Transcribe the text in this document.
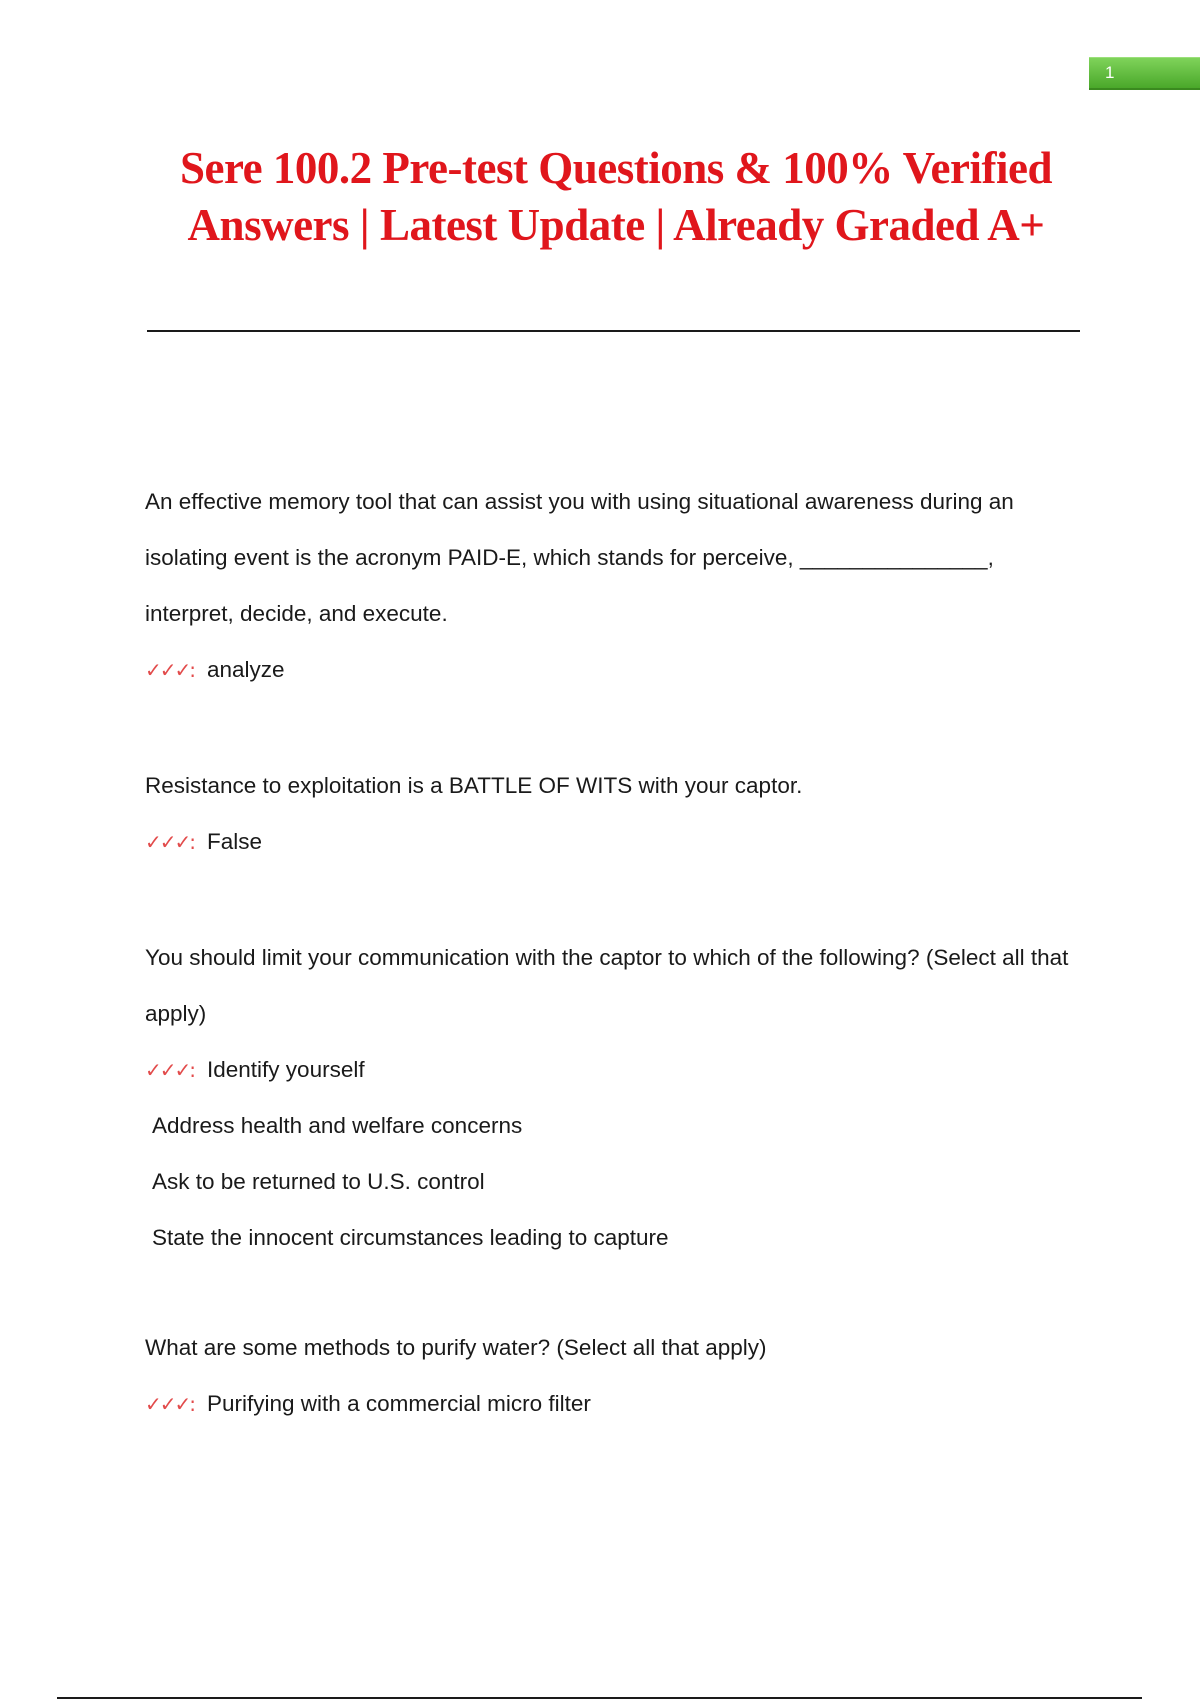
1
Sere 100.2 Pre-test Questions & 100% Verified Answers | Latest Update | Already Graded A+

An effective memory tool that can assist you with using situational awareness during an isolating event is the acronym PAID-E, which stands for perceive, _______________, interpret, decide, and execute.

✓✓✓: analyze

Resistance to exploitation is a BATTLE OF WITS with your captor.

✓✓✓: False

You should limit your communication with the captor to which of the following? (Select all that apply)

✓✓✓: Identify yourself

Address health and welfare concerns

Ask to be returned to U.S. control

State the innocent circumstances leading to capture

What are some methods to purify water? (Select all that apply)

✓✓✓: Purifying with a commercial micro filter
